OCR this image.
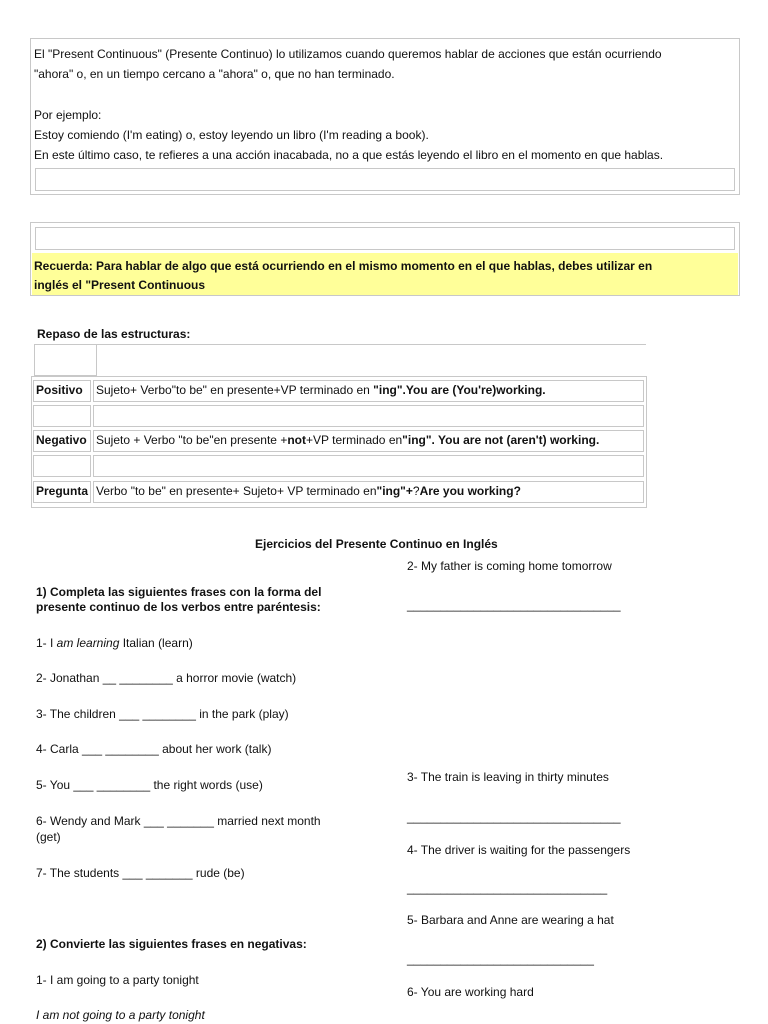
El "Present Continuous" (Presente Continuo) lo utilizamos cuando queremos hablar de acciones que están ocurriendo
"ahora" o, en un tiempo cercano a "ahora" o, que no han terminado.
Por ejemplo:
Estoy comiendo (I'm eating) o, estoy leyendo un libro (I'm reading a book).
En este último caso, te refieres a una acción inacabada, no a que estás leyendo el libro en el momento en que hablas.
Recuerda: Para hablar de algo que está ocurriendo en el mismo momento en el que hablas, debes utilizar en
inglés el "Present Continuous
Repaso de las estructuras:
Positivo	Sujeto+ Verbo"to be" en presente+VP terminado en "ing".You are (You're)working.
Negativo Sujeto + Verbo "to be"en presente +not+VP terminado en"ing". You are not (aren't) working.
Pregunta Verbo "to be" en presente+ Sujeto+ VP terminado en"ing"+?Are you working?
Ejercicios del Presente Continuo en Inglés
1) Completa las siguientes frases con la forma del
presente continuo de los verbos entre paréntesis:
1- I am learning Italian (learn)
2- Jonathan __ ________ a horror movie (watch)
3- The children ___ ________ in the park (play)
4- Carla ___ ________ about her work (talk)
5- You ___ ________ the right words (use)
6- Wendy and Mark ___ _______ married next month
(get)
7- The students ___ _______ rude (be)
2) Convierte las siguientes frases en negativas:
1- I am going to a party tonight
I am not going to a party tonight
2- My father is coming home tomorrow
________________________________
3- The train is leaving in thirty minutes
________________________________
4- The driver is waiting for the passengers
______________________________
5- Barbara and Anne are wearing a hat
____________________________
6- You are working hard
